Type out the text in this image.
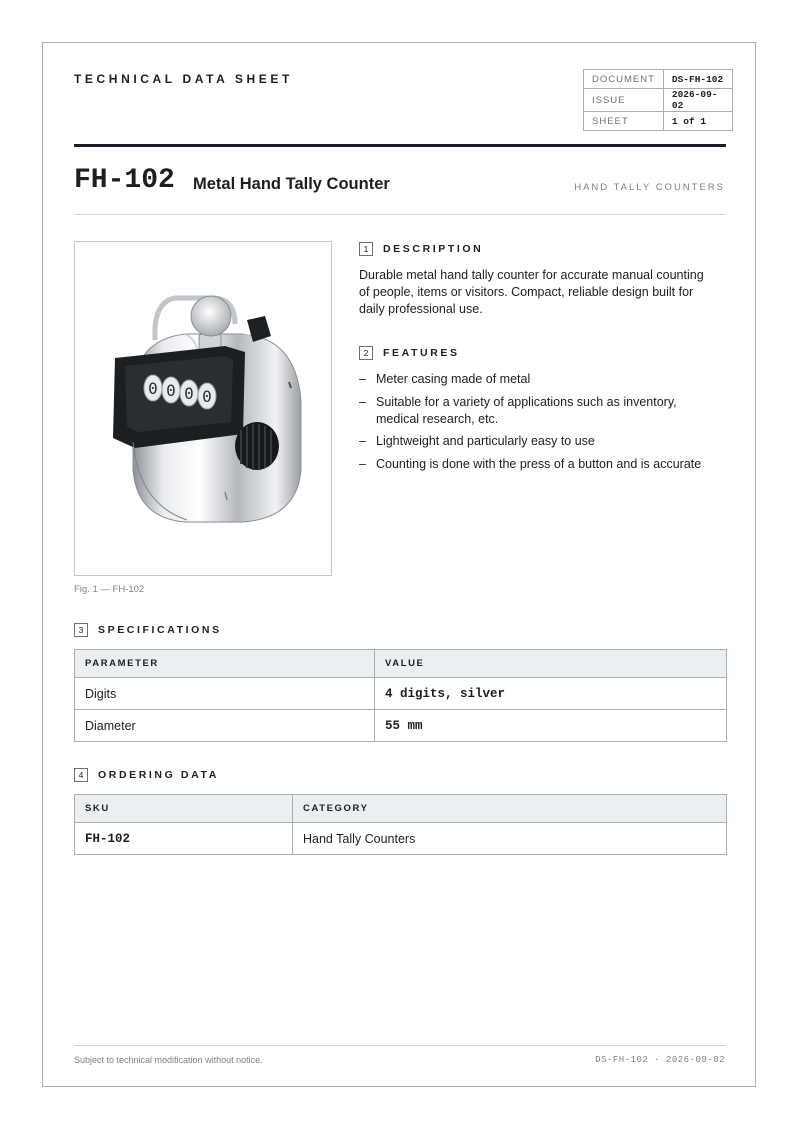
TECHNICAL DATA SHEET	DOCUMENT	DS-FH-102
ISSUE	2026-09-02
SHEET	1 of 1
FH-102 Metal Hand Tally Counter	HAND TALLY COUNTERS
0 0 0 0
Fig. 1 — FH-102
1	DESCRIPTION
Durable metal hand tally counter for accurate manual counting of people, items or visitors. Compact, reliable design built for daily professional use.
2	FEATURES
– Meter casing made of metal
– Suitable for a variety of applications such as inventory, medical research, etc.
– Lightweight and particularly easy to use
– Counting is done with the press of a button and is accurate
3	SPECIFICATIONS
PARAMETER	VALUE
Digits	4 digits, silver
Diameter	55 mm
4	ORDERING DATA
SKU	CATEGORY
FH-102	Hand Tally Counters
Subject to technical modification without notice.	DS-FH-102 · 2026-09-02
